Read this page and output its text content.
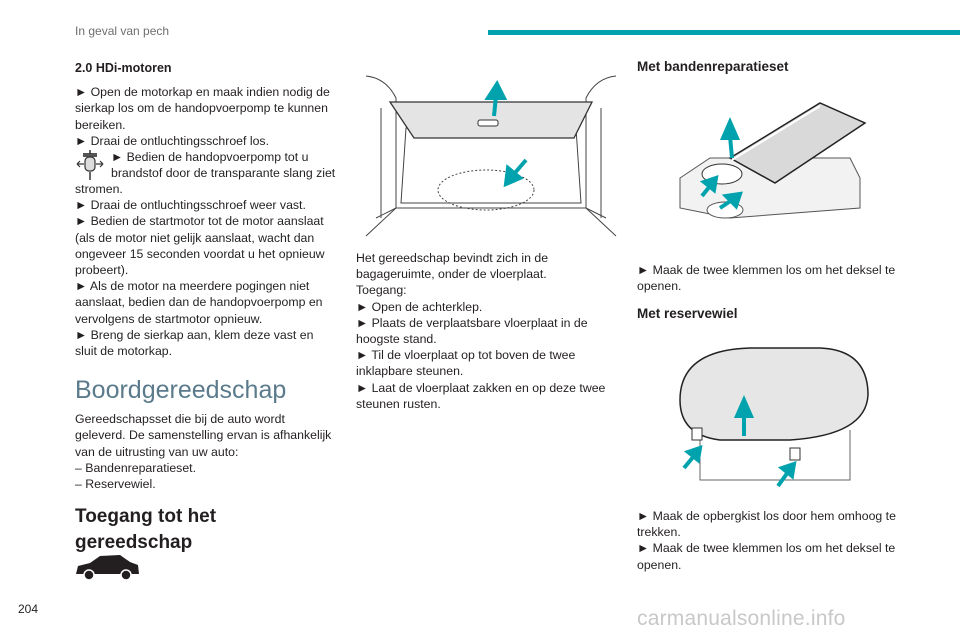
In geval van pech

2.0 HDi-motoren

► Open de motorkap en maak indien nodig de sierkap los om de handopvoerpomp te kunnen bereiken.

► Draai de ontluchtingsschroef los.

► Bedien de handopvoerpomp tot u

brandstof door de transparante slang ziet

stromen.

► Draai de ontluchtingsschroef weer vast.

► Bedien de startmotor tot de motor aanslaat (als de motor niet gelijk aanslaat, wacht dan ongeveer 15 seconden voordat u het opnieuw probeert).

► Als de motor na meerdere pogingen niet aanslaat, bedien dan de handopvoerpomp en vervolgens de startmotor opnieuw.

► Breng de sierkap aan, klem deze vast en sluit de motorkap.

Boordgereedschap

Gereedschapsset die bij de auto wordt geleverd. De samenstelling ervan is afhankelijk van de uitrusting van uw auto:

– Bandenreparatieset.

– Reservewiel.

Toegang tot het

gereedschap

Het gereedschap bevindt zich in de bagageruimte, onder de vloerplaat.

Toegang:

► Open de achterklep.

► Plaats de verplaatsbare vloerplaat in de hoogste stand.

► Til de vloerplaat op tot boven de twee inklapbare steunen.

► Laat de vloerplaat zakken en op deze twee steunen rusten.

Met bandenreparatieset

► Maak de twee klemmen los om het deksel te openen.

Met reservewiel

► Maak de opbergkist los door hem omhoog te trekken.

► Maak de twee klemmen los om het deksel te openen.

204	carmanualsonline.info
